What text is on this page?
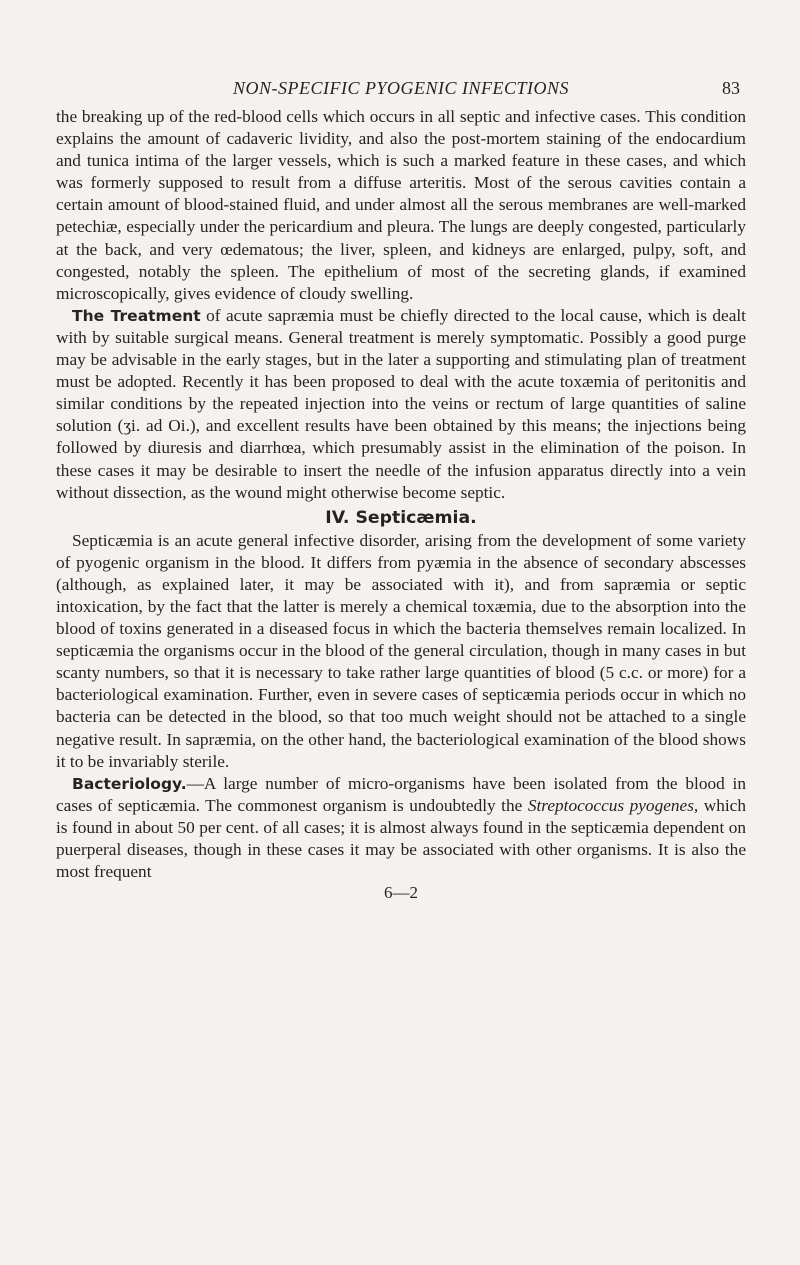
NON-SPECIFIC PYOGENIC INFECTIONS	83

the breaking up of the red-blood cells which occurs in all septic and infective cases. This condition explains the amount of cadaveric lividity, and also the post-mortem staining of the endocardium and tunica intima of the larger vessels, which is such a marked feature in these cases, and which was formerly supposed to result from a diffuse arteritis. Most of the serous cavities contain a certain amount of blood-stained fluid, and under almost all the serous membranes are well-marked petechiæ, especially under the pericardium and pleura. The lungs are deeply congested, particularly at the back, and very œdematous; the liver, spleen, and kidneys are enlarged, pulpy, soft, and congested, notably the spleen. The epithelium of most of the secreting glands, if examined microscopically, gives evidence of cloudy swelling.

The Treatment of acute sapræmia must be chiefly directed to the local cause, which is dealt with by suitable surgical means. General treatment is merely symptomatic. Possibly a good purge may be advisable in the early stages, but in the later a supporting and stimulating plan of treatment must be adopted. Recently it has been proposed to deal with the acute toxæmia of peritonitis and similar conditions by the repeated injection into the veins or rectum of large quantities of saline solution (ʒi. ad Oi.), and excellent results have been obtained by this means; the injections being followed by diuresis and diarrhœa, which presumably assist in the elimination of the poison. In these cases it may be desirable to insert the needle of the infusion apparatus directly into a vein without dissection, as the wound might otherwise become septic.

IV. Septicæmia.

Septicæmia is an acute general infective disorder, arising from the development of some variety of pyogenic organism in the blood. It differs from pyæmia in the absence of secondary abscesses (although, as explained later, it may be associated with it), and from sapræmia or septic intoxication, by the fact that the latter is merely a chemical toxæmia, due to the absorption into the blood of toxins generated in a diseased focus in which the bacteria themselves remain localized. In septicæmia the organisms occur in the blood of the general circulation, though in many cases in but scanty numbers, so that it is necessary to take rather large quantities of blood (5 c.c. or more) for a bacteriological examination. Further, even in severe cases of septicæmia periods occur in which no bacteria can be detected in the blood, so that too much weight should not be attached to a single negative result. In sapræmia, on the other hand, the bacteriological examination of the blood shows it to be invariably sterile.

Bacteriology.—A large number of micro-organisms have been isolated from the blood in cases of septicæmia. The commonest organism is undoubtedly the Streptococcus pyogenes, which is found in about 50 per cent. of all cases; it is almost always found in the septicæmia dependent on puerperal diseases, though in these cases it may be associated with other organisms. It is also the most frequent

6—2
